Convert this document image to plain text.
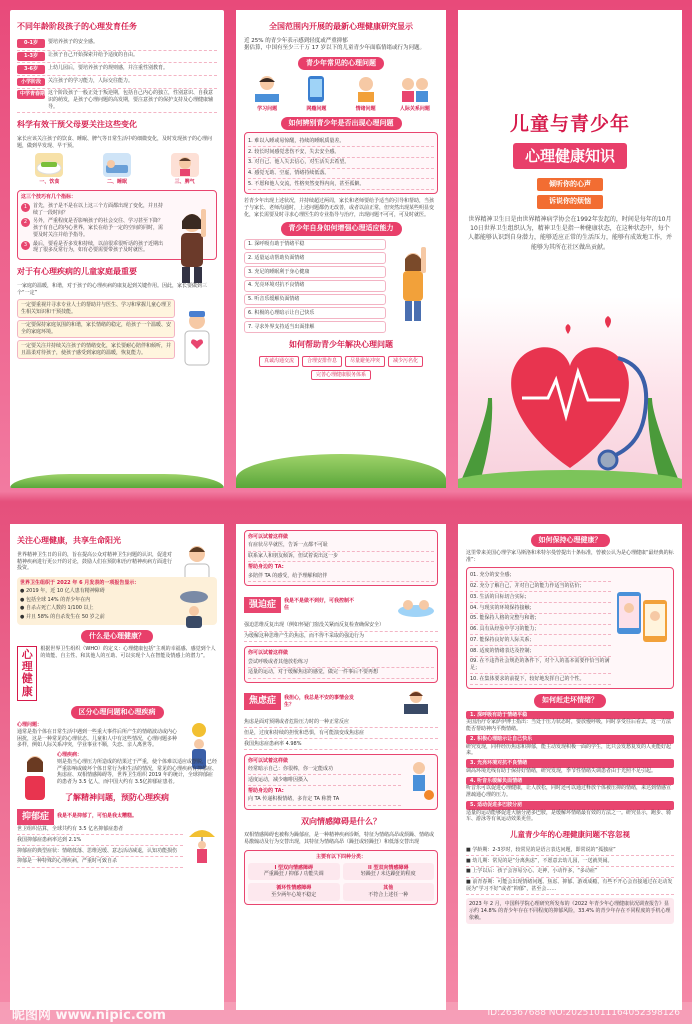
不同年龄阶段孩子的心理发育任务
0-1岁	要培养孩子的安全感。
1-3岁	让孩子自己开始探索并给予适度的自由。
3-6岁	上幼儿园后，要培养孩子的规则感，并注重性别教育。
小学阶段	关注孩子的学习能力，人际交往能力。
中学青春期 这个阶段孩子一般正处于叛逆期，包括自己内心的独立，性别意识、自我意识的萌发，是孩子心理问题的高发期，要注意孩子的保护支持及心理健康辅导。
科学有效干预父母要关注这些变化
家长应该关注孩子的饮食、睡眠、脾气等日常生活中的细微变化，及时发现孩子的心理问题，做到早发现、早干预。
一、饮食	二、睡眠	三、脾气
这三个技巧有几个指标：
1	首先，孩子是不是在以上这三个方面都出现了变化，并且持续了一段时间？
2	另外，严重程度是否影响孩子的社会交往、学习甚至下降？孩子有自己的内心世界，家长在给予一定的空间的同时，需要及时关注并给予指导。
3	最后，要看是否多发和持续，以前很乖很听话的孩子近期出现了很多反常行为，如有必要需要带孩子及时就医。
对于有心理疾病的儿童家庭最重要
一家庭的温暖，和谐，对于孩子的心理疾病的康复起到关键作用。因此，家长要做到三个“一定”
一定要重视并寻求专业人士的帮助并与医生、学习和掌握儿童心理卫生相关知识和干预技能。
一定要保持家庭氛围的和谐，家长情绪的稳定，给孩子一个温暖、安全的家庭环境。
一定要关注并持续关注孩子的情绪变化，家长要耐心陪伴和倾听，并且温柔对待孩子，使孩子感受到家庭的温暖，恢复能力。
全国范围内开展的最新心理健康研究显示
近 25% 的青少年表示感到轻度或严重抑郁
据估算，中国有至少三千万 17 岁以下的儿童青少年面临情绪或行为问题。
青少年常见的心理问题
学习问题	网瘾问题	情绪问题	人际关系问题
如何辨别青少年是否出现心理问题
1. 难以入睡或易惊醒，持续的睡眠质量差。
2. 较长时间感觉悲伤不安，失去安全感。
3. 对自己、他人失去信心，对生活失去希望。
4. 感觉无助、空虚，情绪持续低落。
5. 不愿和他人交流，性格突然变得内向，甚至孤僻。
若青少年出现上述状况，并持续超过两周，家长和老师要给予适当的引导和帮助，当孩子与家长、老师沟通时，上述问题都仍无改善，或者以前正常，但突然出现某些明显变化，家长需要及时寻求心理医生的专业指导与治疗，出现问题不可可，可及时就医。
青少年自身如何增强心理适应能力
1. 深呼吸有助于情绪平稳
2. 适量运动帮助负面情绪
3. 充足的睡眠利于身心健康
4. 光亮环境对抗不良情绪
5. 听音乐缓解负面情绪
6. 积极的心理暗示让自己快乐
7. 寻求外界支持适当出面排解
如何帮助青少年解决心理问题
真诚沟通交流	合理安排作息	尽量避免冲突	减少污名化
完善心理健康服务体系
儿童与青少年
心理健康知识
倾听你的心声
诉说你的烦恼
世界精神卫生日是由世界精神病学协会在1992年发起的，时间是每年的10月10日世界卫生组织认为，精神卫生是指一种健康状态，在这种状态中，每个人都能够认识到自身潜力，能够适应正常的生活压力，能够有成效地工作，并能够为其所在社区做出贡献。
关注心理健康，共享生命阳光
世界精神卫生日的目的，旨在提高公众对精神卫生问题的认识，促进对精神疾病进行更公开的讨论，鼓励人们在预防和治疗精神疾病方面进行投资。
世界卫生组织于 2022 年 6 月发表的一项报告显示：
● 2019 年，近 10 亿人患有精神障碍
● 包括全球 14% 的青少年在内
● 自杀占死亡人数的 1/100 以上
● 并且 58% 的自杀发生在 50 岁之前
什么是心理健康？
心理健康
根据世界卫生组织（WHO）的定义：心理健康包括“主观的幸福感、感觉到个人的效能、自主性、和其他人的互助、可以实现个人在智能及情感上的潜力”。
区分心理问题和心理疾病
心理问题：
通常是指个体在日常生活中遇到一些重大事件后所产生的情绪波动或内心困扰，这是一种常见的心理状态。儿童和人中有这些情况，心理问题多种多样，例如人际关系冲突，学业事业不顺，失恋、亲人离世等。
心理疾病：
则是指当心理压力所造成的结果过于严重，使个体难以适应或摆脱，已经严重影响或破坏个体日常行为和生活的情况，常见的心理疾病有抑郁症、焦虑症、双相情感障碍等，世界卫生组织 2019 年的统计，全球抑郁症的患者为 3.5 亿人，而中国大约有 3.5亿抑郁症患者。
了解精神问题，预防心理疾病
抑郁症	我是不是抑郁了，可怕是我太糟糕。
世卫组织估算，全球共约有 3.5 亿名抑郁症患者
我国抑郁症患病率达到 2.1%
抑郁症的典型症状：情绪低落、思维迟缓、意志活动减退，认知功能损伤
抑郁是一种特殊的心理疾病，严重时可致自杀
你可以试着这样做
有症状尽早就医，告诉一点都不可耻
联系家人和朋友倾诉，但试着说出这一步
帮助身边的 TA:
多陪伴 TA 的感受，给予理解和陪伴
强迫症	我是不是做不到好，可我控制不住
强迫思维反复出现（例如怀疑门窗没关紧而反复检查确保安全）
为缓解这种思维产生的焦虑，而不得不采取的强迫行为
你可以试着这样做
尝试呼吸或者其他放松练习
适量的运动，对于缓解焦虑的感觉，做完一件事后不要再想
焦虑症	我担心，我总是不安的事情会发生？
焦虑是面对预期或者危险压力时的一种正常反应
但是，过度和持续的担忧和恐惧，有可能演变成焦虑症
我国焦虑症患病率 4.98%
你可以试着这样做
经常暗示自己：你很棒，你一定能成功
适度运动，减少咖啡因摄入
帮助身边的 TA:
向 TA 传递积极情绪，多肯定 TA 称赞 TA
双向情感障碍是什么？
双相情感障碍也被称为躁郁症，是一种精神疾病诊断，特征为情绪高昂或烦躁、情绪或易激煽动及行为交替出现，其特征为情绪高昂（躁狂或轻躁狂）和低落交替出现
主要有以下四种分类：
I 型双向情感障碍
严重躁狂 / 抑郁 / 功能失调
II 型双向情感障碍
轻躁狂 / 未达躁狂的程度
循环性情感障碍
至少两年心境不稳定
其他
不符合上述任一种
如何保持心理健康？
这里带来美国心理学家马斯洛和米特尔曼曾提出十条标准，曾被公认为是心理健康“最经典的标准”：
01. 充分的安全感；
02. 充分了解自己，并对自己的能力作适当的估价；
03. 生活的目标切合实际；
04. 与现实的环境保持接触；
05. 能保持人格的完整与和谐；
06. 具有从经验中学习的能力；
07. 能保持良好的人际关系；
08. 适度的情绪表达及控制；
09. 在不违背社会规范的条件下，对个人的基本需要作恰当的满足；
10. 在集体要求的前提下，较好地发挥自己的个性。
如何赶走坏情绪？
1. 深呼吸有助于情绪平稳
美国治疗专家萨伊博士指出：当处于压力状态时，要放慢呼吸，同时享受往后看去，这一方法能否帮助神内平衡情绪。
2. 积极心理暗示让自己快乐
研究发现，同样经历焦虑和抑郁，能主动发现积极一面的学生，比只会发愁复发的人更能好起来。
3. 光亮环境对抗不良情绪
调高环境光线有助于保持好情绪，研究发现，季节性情绪失调患者由于光照不足引起。
4. 听音乐缓解负面情绪
听音乐可以促进心理健康，让人放松，同时还可以通过释放个体被压抑的情绪，来达到情感宣泄疏通心理的压力。
5. 适动促进多巴胺分泌
适量的运动能够促进大脑分泌多巴胺，是缓解坏情绪最有效的方法之一。研究显示，跑步、骑车、游泳等有氧运动效果更佳。
儿童青少年的心理健康问题不容忽视
■ 学龄期：2-3岁时，较常见的是语言表达问题，即常说的“孤独症”
■ 幼儿期：常见的是“分离焦虑”，不愿意去幼儿园，一送就哭闹。
■ 上学以后：孩子会容易分心、走神，小动作多，“多动症”
■ 前青春期：可能会出现情绪问题、焦虑、抑郁、游戏成瘾，有些不开心会直接通过在走动发展为“学习不好”或者“抑郁”，甚至会……
2023 年 2 月，中国科学院心理研究所发布的《2022 年青少年心理健康状况调查报告》显示约 14.8% 的青少年存在不同程度的抑郁风险，33.4% 的青少年存在不同程度的手机心理依赖。
昵图网 www.nipic.com	ID:26367688 NO:20251011164052398126
